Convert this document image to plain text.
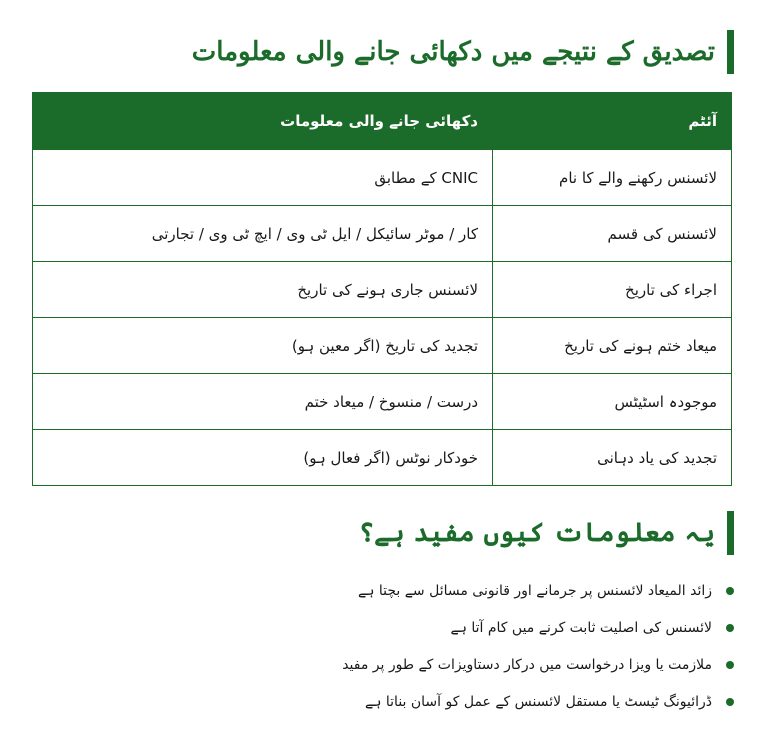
تصدیق کے نتیجے میں دکھائی جانے والی معلومات
آئٹم	دکھائی جانے والی معلومات
لائسنس رکھنے والے کا نام	CNIC کے مطابق
لائسنس کی قسم	کار / موٹر سائیکل / ایل ٹی وی / ایچ ٹی وی / تجارتی
اجراء کی تاریخ	لائسنس جاری ہونے کی تاریخ
میعاد ختم ہونے کی تاریخ	تجدید کی تاریخ (اگر معین ہو)
موجودہ اسٹیٹس	درست / منسوخ / میعاد ختم
تجدید کی یاد دہانی	خودکار نوٹس (اگر فعال ہو)
یہ معلومات کیوں مفید ہے؟
زائد المیعاد لائسنس پر جرمانے اور قانونی مسائل سے بچتا ہے
لائسنس کی اصلیت ثابت کرنے میں کام آتا ہے
ملازمت یا ویزا درخواست میں درکار دستاویزات کے طور پر مفید
ڈرائیونگ ٹیسٹ یا مستقل لائسنس کے عمل کو آسان بناتا ہے
